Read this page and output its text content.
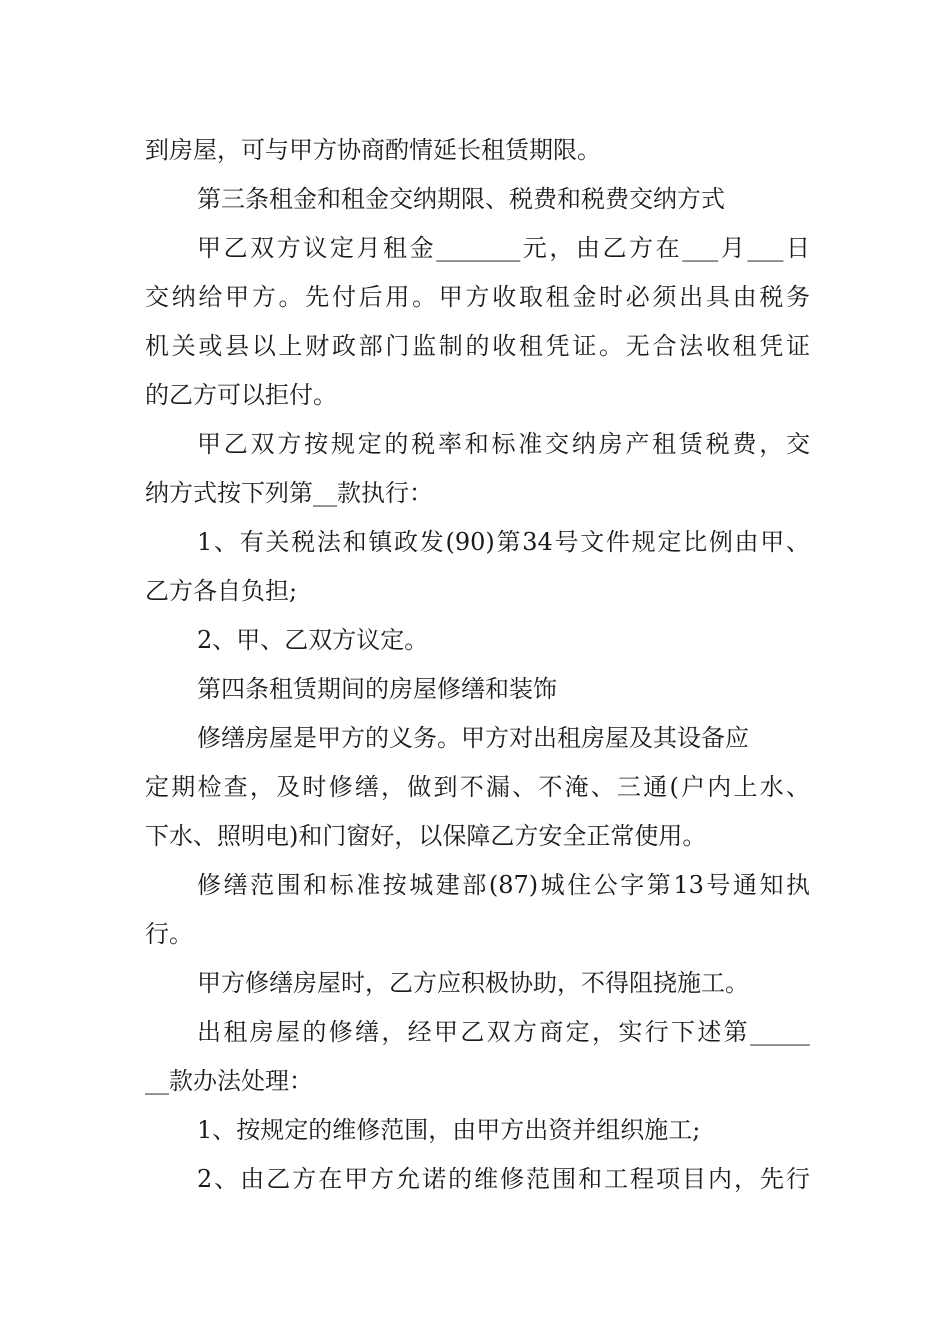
到房屋，可与甲方协商酌情延长租赁期限。
第三条租金和租金交纳期限、税费和税费交纳方式
甲乙双方议定月租金_______元，由乙方在___月___日
交纳给甲方。先付后用。甲方收取租金时必须出具由税务
机关或县以上财政部门监制的收租凭证。无合法收租凭证
的乙方可以拒付。
甲乙双方按规定的税率和标准交纳房产租赁税费，交
纳方式按下列第__款执行：
1、有关税法和镇政发(90)第34号文件规定比例由甲、
乙方各自负担;
2、甲、乙双方议定。
第四条租赁期间的房屋修缮和装饰
修缮房屋是甲方的义务。甲方对出租房屋及其设备应
定期检查，及时修缮，做到不漏、不淹、三通(户内上水、
下水、照明电)和门窗好，以保障乙方安全正常使用。
修缮范围和标准按城建部(87)城住公字第13号通知执
行。
甲方修缮房屋时，乙方应积极协助，不得阻挠施工。
出租房屋的修缮，经甲乙双方商定，实行下述第_____
__款办法处理：
1、按规定的维修范围，由甲方出资并组织施工;
2、由乙方在甲方允诺的维修范围和工程项目内，先行
